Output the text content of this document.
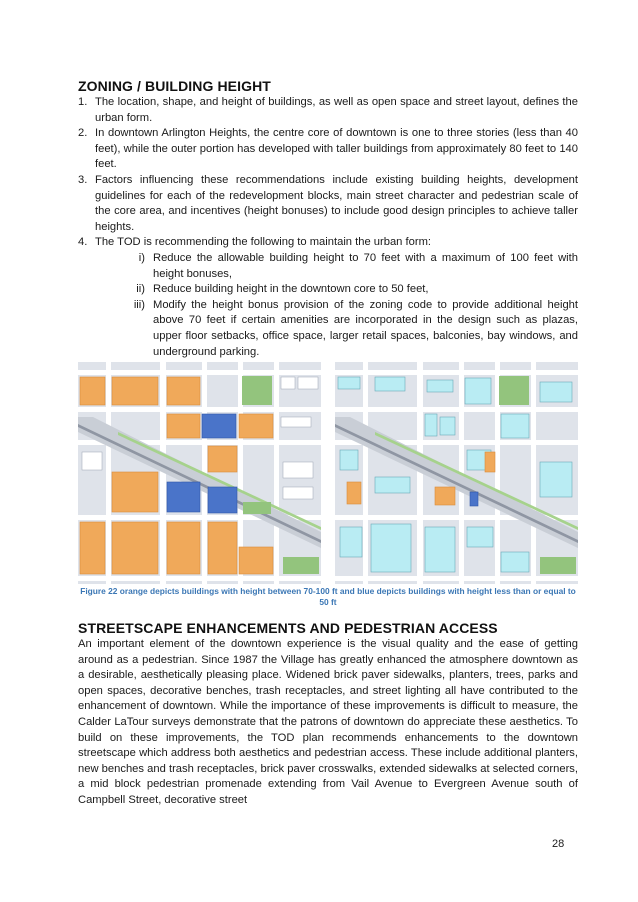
ZONING / BUILDING HEIGHT
1. The location, shape, and height of buildings, as well as open space and street layout, defines the urban form.
2. In downtown Arlington Heights, the centre core of downtown is one to three stories (less than 40 feet), while the outer portion has developed with taller buildings from approximately 80 feet to 140 feet.
3. Factors influencing these recommendations include existing building heights, development guidelines for each of the redevelopment blocks, main street character and pedestrian scale of the core area, and incentives (height bonuses) to include good design principles to achieve taller heights.
4. The TOD is recommending the following to maintain the urban form:
i) Reduce the allowable building height to 70 feet with a maximum of 100 feet with height bonuses,
ii) Reduce building height in the downtown core to 50 feet,
iii) Modify the height bonus provision of the zoning code to provide additional height above 70 feet if certain amenities are incorporated in the design such as plazas, upper floor setbacks, office space, larger retail spaces, balconies, bay windows, and underground parking.
Figure 22 orange depicts buildings with height between 70-100 ft and blue depicts buildings with height less than or equal to 50 ft
STREETSCAPE ENHANCEMENTS AND PEDESTRIAN ACCESS

An important element of the downtown experience is the visual quality and the ease of getting around as a pedestrian. Since 1987 the Village has greatly enhanced the atmosphere downtown as a desirable, aesthetically pleasing place. Widened brick paver sidewalks, planters, trees, parks and open spaces, decorative benches, trash receptacles, and street lighting all have contributed to the enhancement of downtown. While the importance of these improvements is difficult to measure, the Calder LaTour surveys demonstrate that the patrons of downtown do appreciate these aesthetics. To build on these improvements, the TOD plan recommends enhancements to the downtown streetscape which address both aesthetics and pedestrian access. These include additional planters, new benches and trash receptacles, brick paver crosswalks, extended sidewalks at selected corners, a mid block pedestrian promenade extending from Vail Avenue to Evergreen Avenue south of Campbell Street, decorative street

28
